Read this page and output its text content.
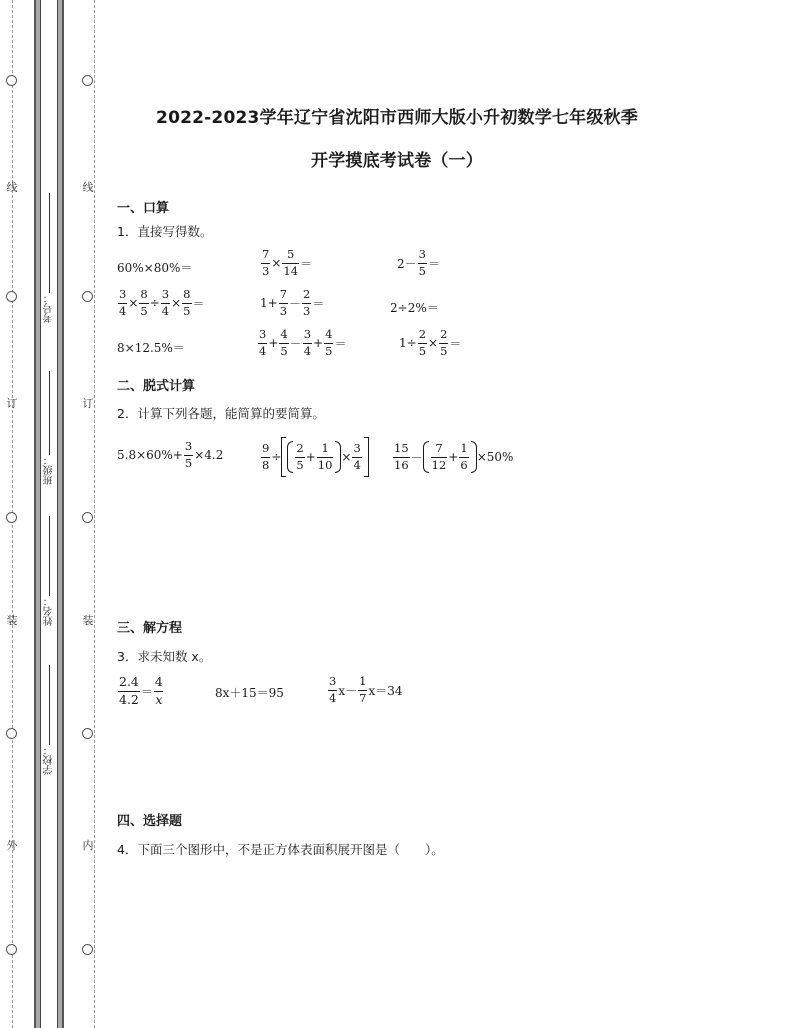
线
订
装
外
线
订
装
内
考号：
班级：
姓名：
学校：
2022-2023学年辽宁省沈阳市西师大版小升初数学七年级秋季
开学摸底考试卷（一）
一、口算
1．直接写得数。
60%×80%＝	$\frac{7}{3} \times \frac{5}{14}$ ＝	$2- \frac{3}{5}$ ＝
$\frac{3}{4} \times \frac{8}{5} \div \frac{3}{4} \times \frac{8}{5}$ ＝	$1+ \frac{7}{3} - \frac{2}{3}$ ＝	2÷2%＝
8×12.5%＝	$\frac{3}{4} + \frac{4}{5} - \frac{3}{4} + \frac{4}{5}$ ＝	$1\div \frac{2}{5} \times \frac{2}{5}$ ＝
二、脱式计算
2．计算下列各题，能简算的要简算。
$5.8\times 60\%+ \frac{3}{5} \times 4.2$	$\frac{9}{8} \div \frac{2}{5} + \frac{1}{10} \times \frac{3}{4}$	$\frac{15}{16} - \frac{7}{12} + \frac{1}{6} \times 50\%$
三、解方程
3．求未知数 x。
$\frac{2.4}{4.2} = \frac{4}{x}$	8x＋15＝95	$\frac{3}{4} x- \frac{1}{7} x=34$
四、选择题
4．下面三个图形中，不是正方体表面积展开图是（　　）。
